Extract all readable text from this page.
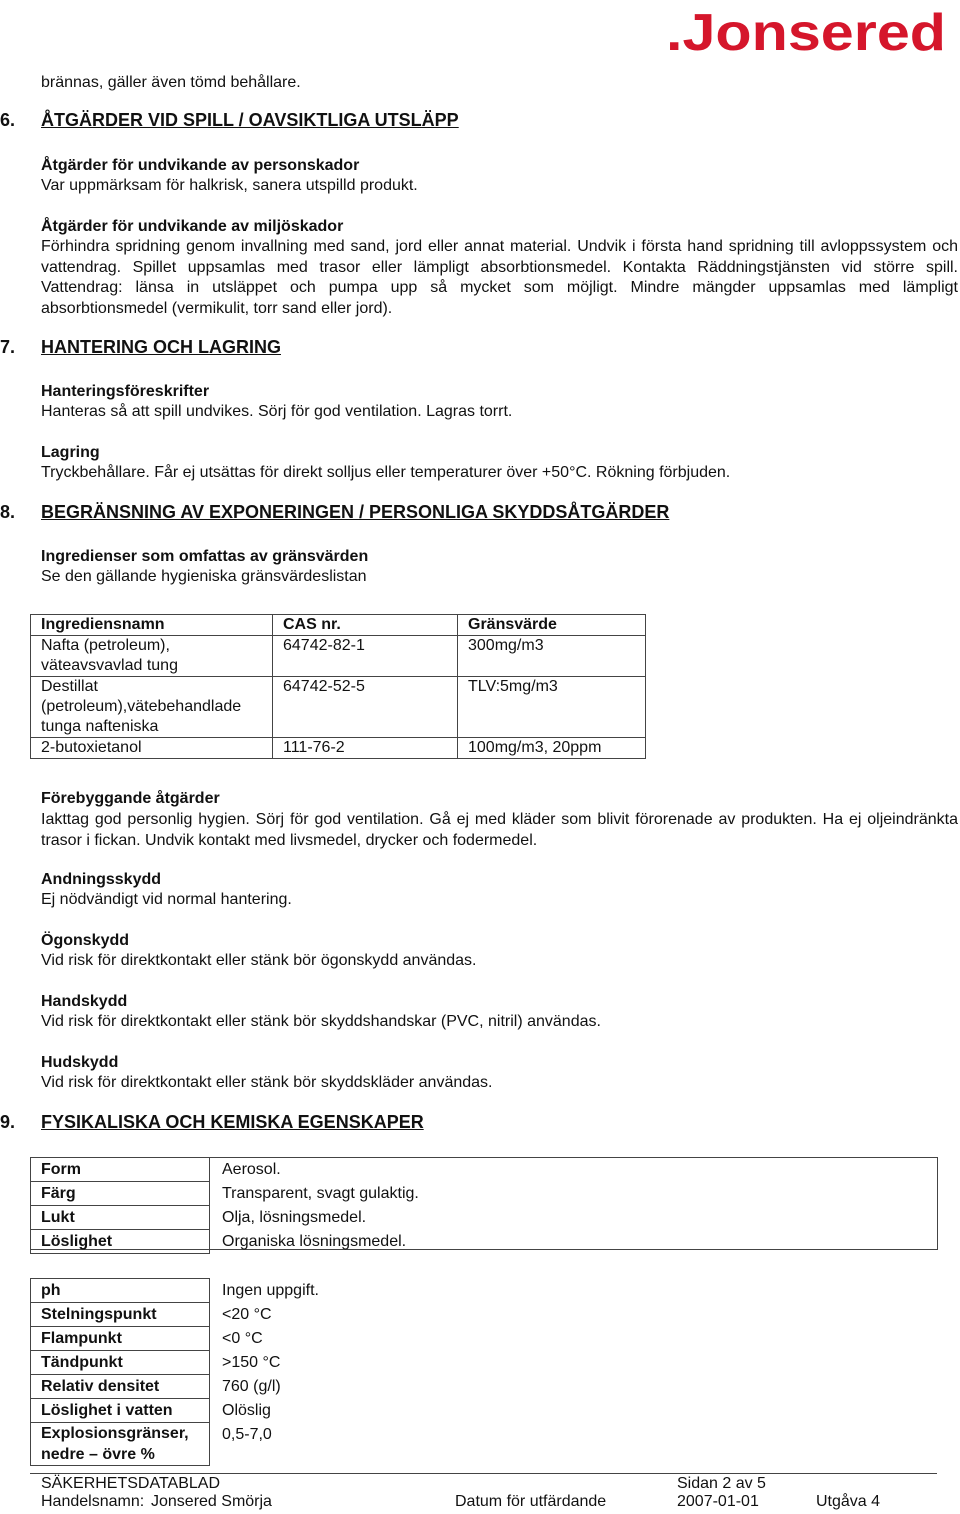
.Jonsered
brännas, gäller även tömd behållare.
6. ÅTGÄRDER VID SPILL / OAVSIKTLIGA UTSLÄPP
Åtgärder för undvikande av personskador
Var uppmärksam för halkrisk, sanera utspilld produkt.
Åtgärder för undvikande av miljöskador
Förhindra spridning genom invallning med sand, jord eller annat material. Undvik i första hand spridning till avloppssystem och vattendrag. Spillet uppsamlas med trasor eller lämpligt absorbtionsmedel. Kontakta Räddningstjänsten vid större spill. Vattendrag: länsa in utsläppet och pumpa upp så mycket som möjligt. Mindre mängder uppsamlas med lämpligt absorbtionsmedel (vermikulit, torr sand eller jord).
7. HANTERING OCH LAGRING
Hanteringsföreskrifter
Hanteras så att spill undvikes. Sörj för god ventilation. Lagras torrt.
Lagring
Tryckbehållare. Får ej utsättas för direkt solljus eller temperaturer över +50°C. Rökning förbjuden.
8. BEGRÄNSNING AV EXPONERINGEN / PERSONLIGA SKYDDSÅTGÄRDER
Ingredienser som omfattas av gränsvärden
Se den gällande hygieniska gränsvärdeslistan
Ingrediensnamn	CAS nr.	Gränsvärde
Nafta (petroleum), väteavsvavlad tung	64742-82-1	300mg/m3
Destillat (petroleum),vätebehandlade tunga nafteniska	64742-52-5	TLV:5mg/m3
2-butoxietanol	111-76-2	100mg/m3, 20ppm
Förebyggande åtgärder
Iakttag god personlig hygien. Sörj för god ventilation. Gå ej med kläder som blivit förorenade av produkten. Ha ej oljeindränkta trasor i fickan. Undvik kontakt med livsmedel, drycker och fodermedel.
Andningsskydd
Ej nödvändigt vid normal hantering.
Ögonskydd
Vid risk för direktkontakt eller stänk bör ögonskydd användas.
Handskydd
Vid risk för direktkontakt eller stänk bör skyddshandskar (PVC, nitril) användas.
Hudskydd
Vid risk för direktkontakt eller stänk bör skyddskläder användas.
9. FYSIKALISKA OCH KEMISKA EGENSKAPER
Form	Aerosol.
Färg	Transparent, svagt gulaktig.
Lukt	Olja, lösningsmedel.
Löslighet	Organiska lösningsmedel.
ph	Ingen uppgift.
Stelningspunkt	<20 °C
Flampunkt	<0 °C
Tändpunkt	>150 °C
Relativ densitet	760 (g/l)
Löslighet i vatten	Olöslig
Explosionsgränser, nedre – övre %	0,5-7,0
SÄKERHETSDATABLAD	Sidan 2 av 5
Handelsnamn: Jonsered Smörja	Datum för utfärdande	2007-01-01	Utgåva 4
